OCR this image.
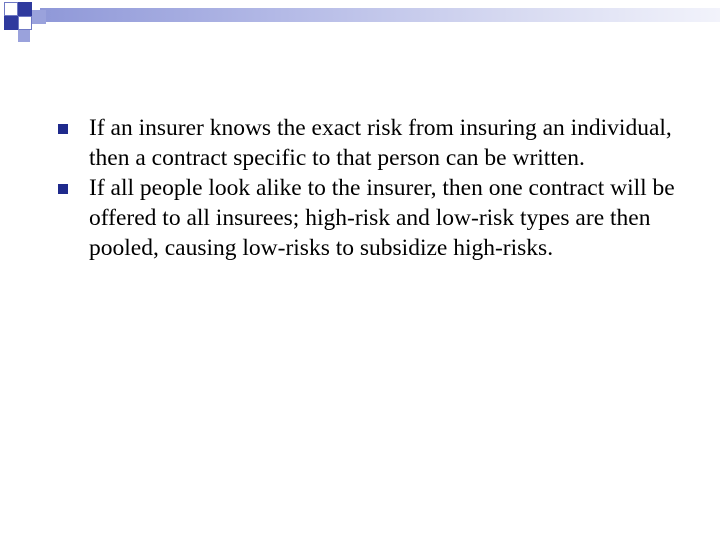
If an insurer knows the exact risk from insuring an individual, then a contract specific to that person can be written.
If all people look alike to the insurer, then one contract will be offered to all insurees; high-risk and low-risk types are then pooled, causing low-risks to subsidize high-risks.
